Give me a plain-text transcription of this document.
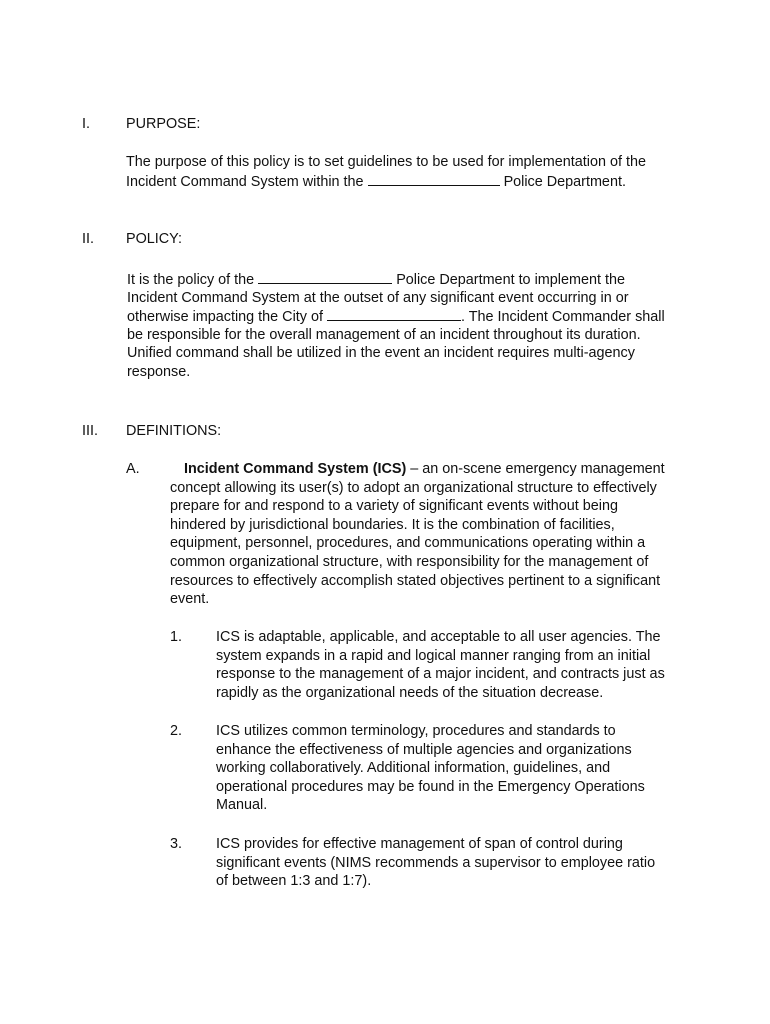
I.	PURPOSE:
The purpose of this policy is to set guidelines to be used for implementation of the
Incident Command System within the	Police Department.
II. POLICY:
It is the policy of the	Police Department to implement the
Incident Command System at the outset of any significant event occurring in or
otherwise impacting the City of	. The Incident Commander shall
be responsible for the overall management of an incident throughout its duration.
Unified command shall be utilized in the event an incident requires multi-agency
response.
III. DEFINITIONS:
A.	Incident Command System (ICS) – an on-scene emergency management
concept allowing its user(s) to adopt an organizational structure to effectively
prepare for and respond to a variety of significant events without being
hindered by jurisdictional boundaries. It is the combination of facilities,
equipment, personnel, procedures, and communications operating within a
common organizational structure, with responsibility for the management of
resources to effectively accomplish stated objectives pertinent to a significant
event.
1. ICS is adaptable, applicable, and acceptable to all user agencies. The
system expands in a rapid and logical manner ranging from an initial
response to the management of a major incident, and contracts just as
rapidly as the organizational needs of the situation decrease.
2. ICS utilizes common terminology, procedures and standards to
enhance the effectiveness of multiple agencies and organizations
working collaboratively. Additional information, guidelines, and
operational procedures may be found in the Emergency Operations
Manual.
3. ICS provides for effective management of span of control during
significant events (NIMS recommends a supervisor to employee ratio
of between 1:3 and 1:7).
